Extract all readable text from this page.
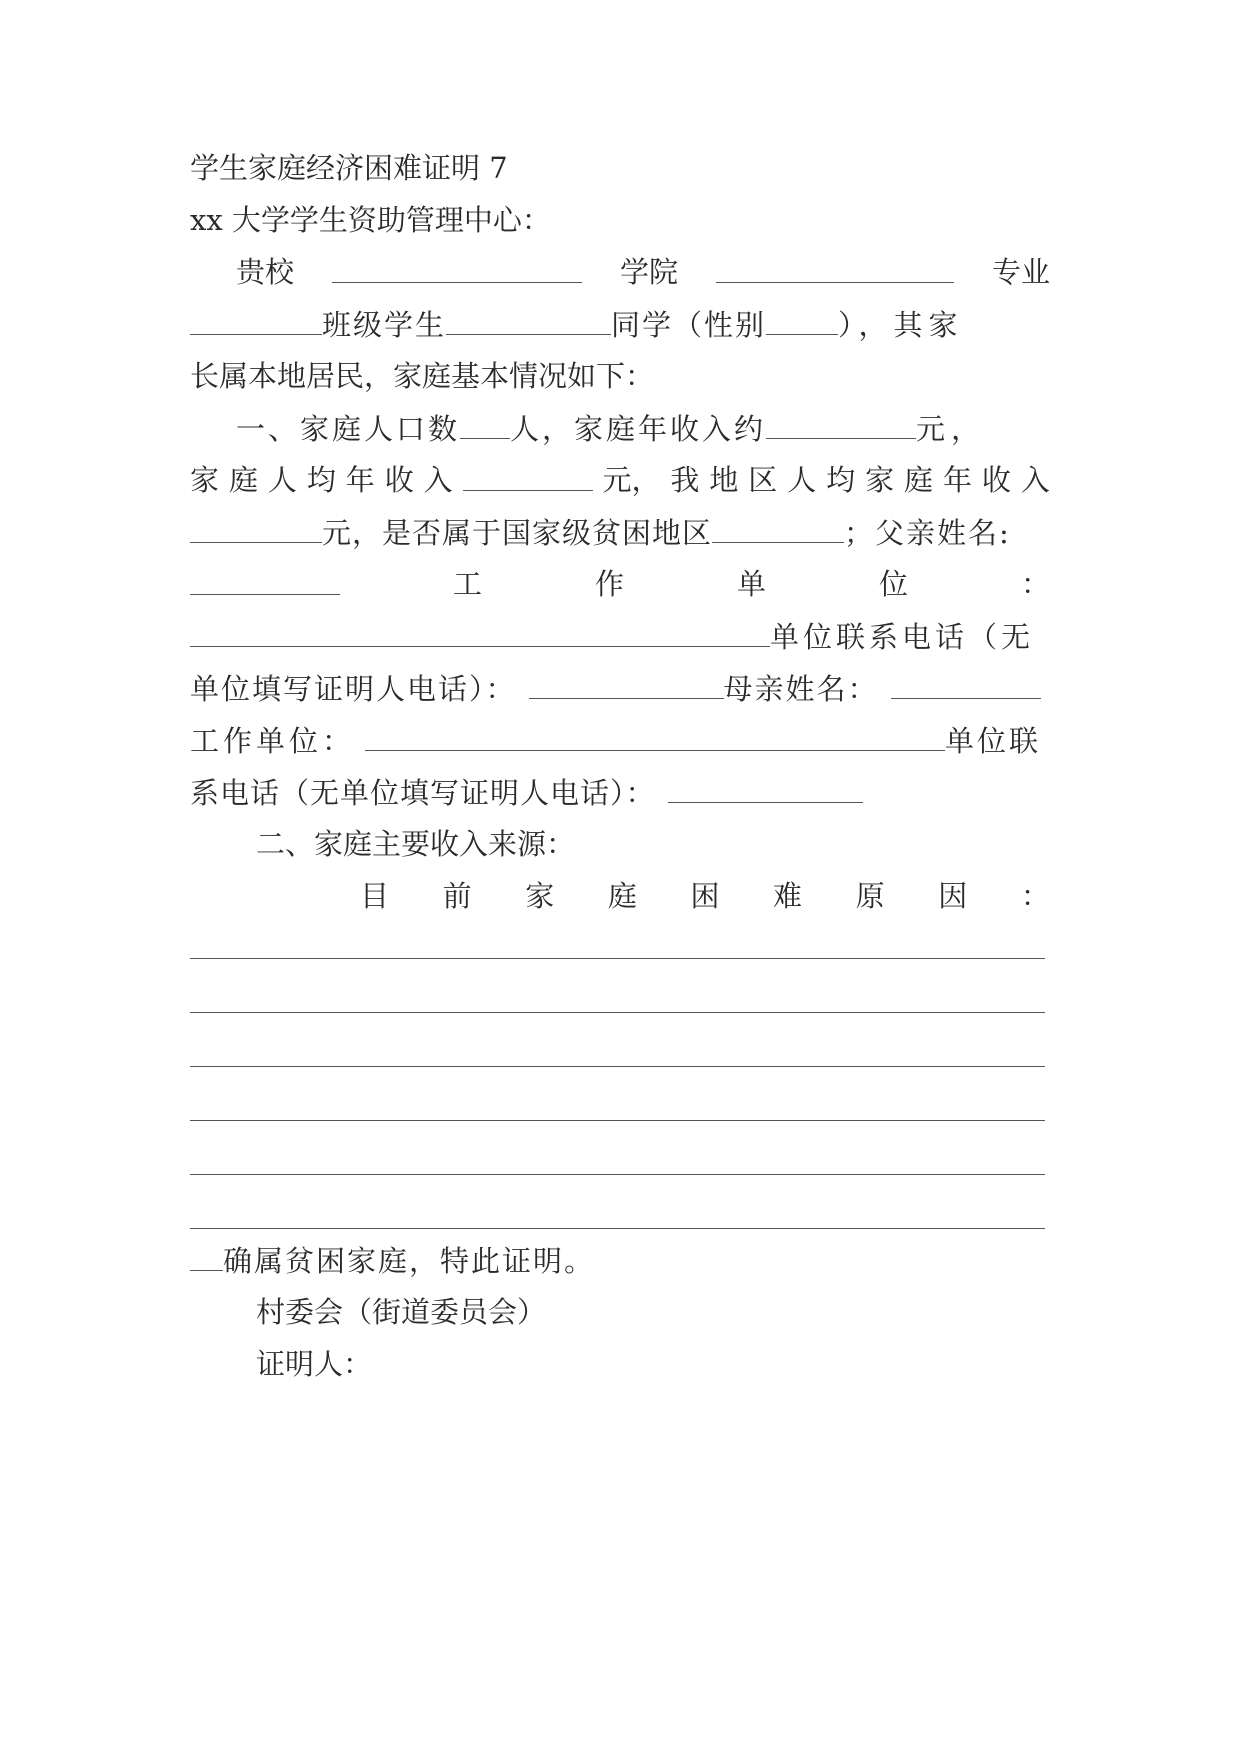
学生家庭经济困难证明 7
xx 大学学生资助管理中心：
贵校	学院	专业
班级学生	同学（性别 ），其家
长属本地居民，家庭基本情况如下：
一、家庭人口数 人，家庭年收入约	元，
家 庭 人 均 年 收 入	元， 我 地 区 人 均 家 庭 年 收 入
元，是否属于国家级贫困地区	；父亲姓名:
工	作	单	位	：
单位联系电话（无
单位填写证明人电话）：	母亲姓名：
工作单位：	单位联
系电话（无单位填写证明人电话）：
二、家庭主要收入来源：
目 前 家 庭 困 难 原 因 ：
确属贫困家庭，特此证明。
村委会（街道委员会）
证明人：
